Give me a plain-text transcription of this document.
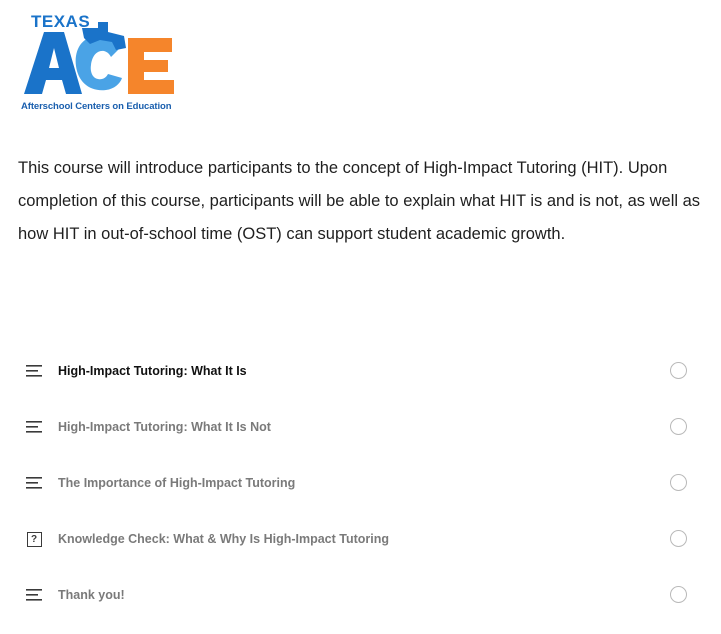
TEXAS
Afterschool Centers on Education

This course will introduce participants to the concept of High-Impact Tutoring (HIT). Upon completion of this course, participants will be able to explain what HIT is and is not, as well as how HIT in out-of-school time (OST) can support student academic growth.

High-Impact Tutoring: What It Is
High-Impact Tutoring: What It Is Not
The Importance of High-Impact Tutoring
?	Knowledge Check: What & Why Is High-Impact Tutoring
Thank you!
